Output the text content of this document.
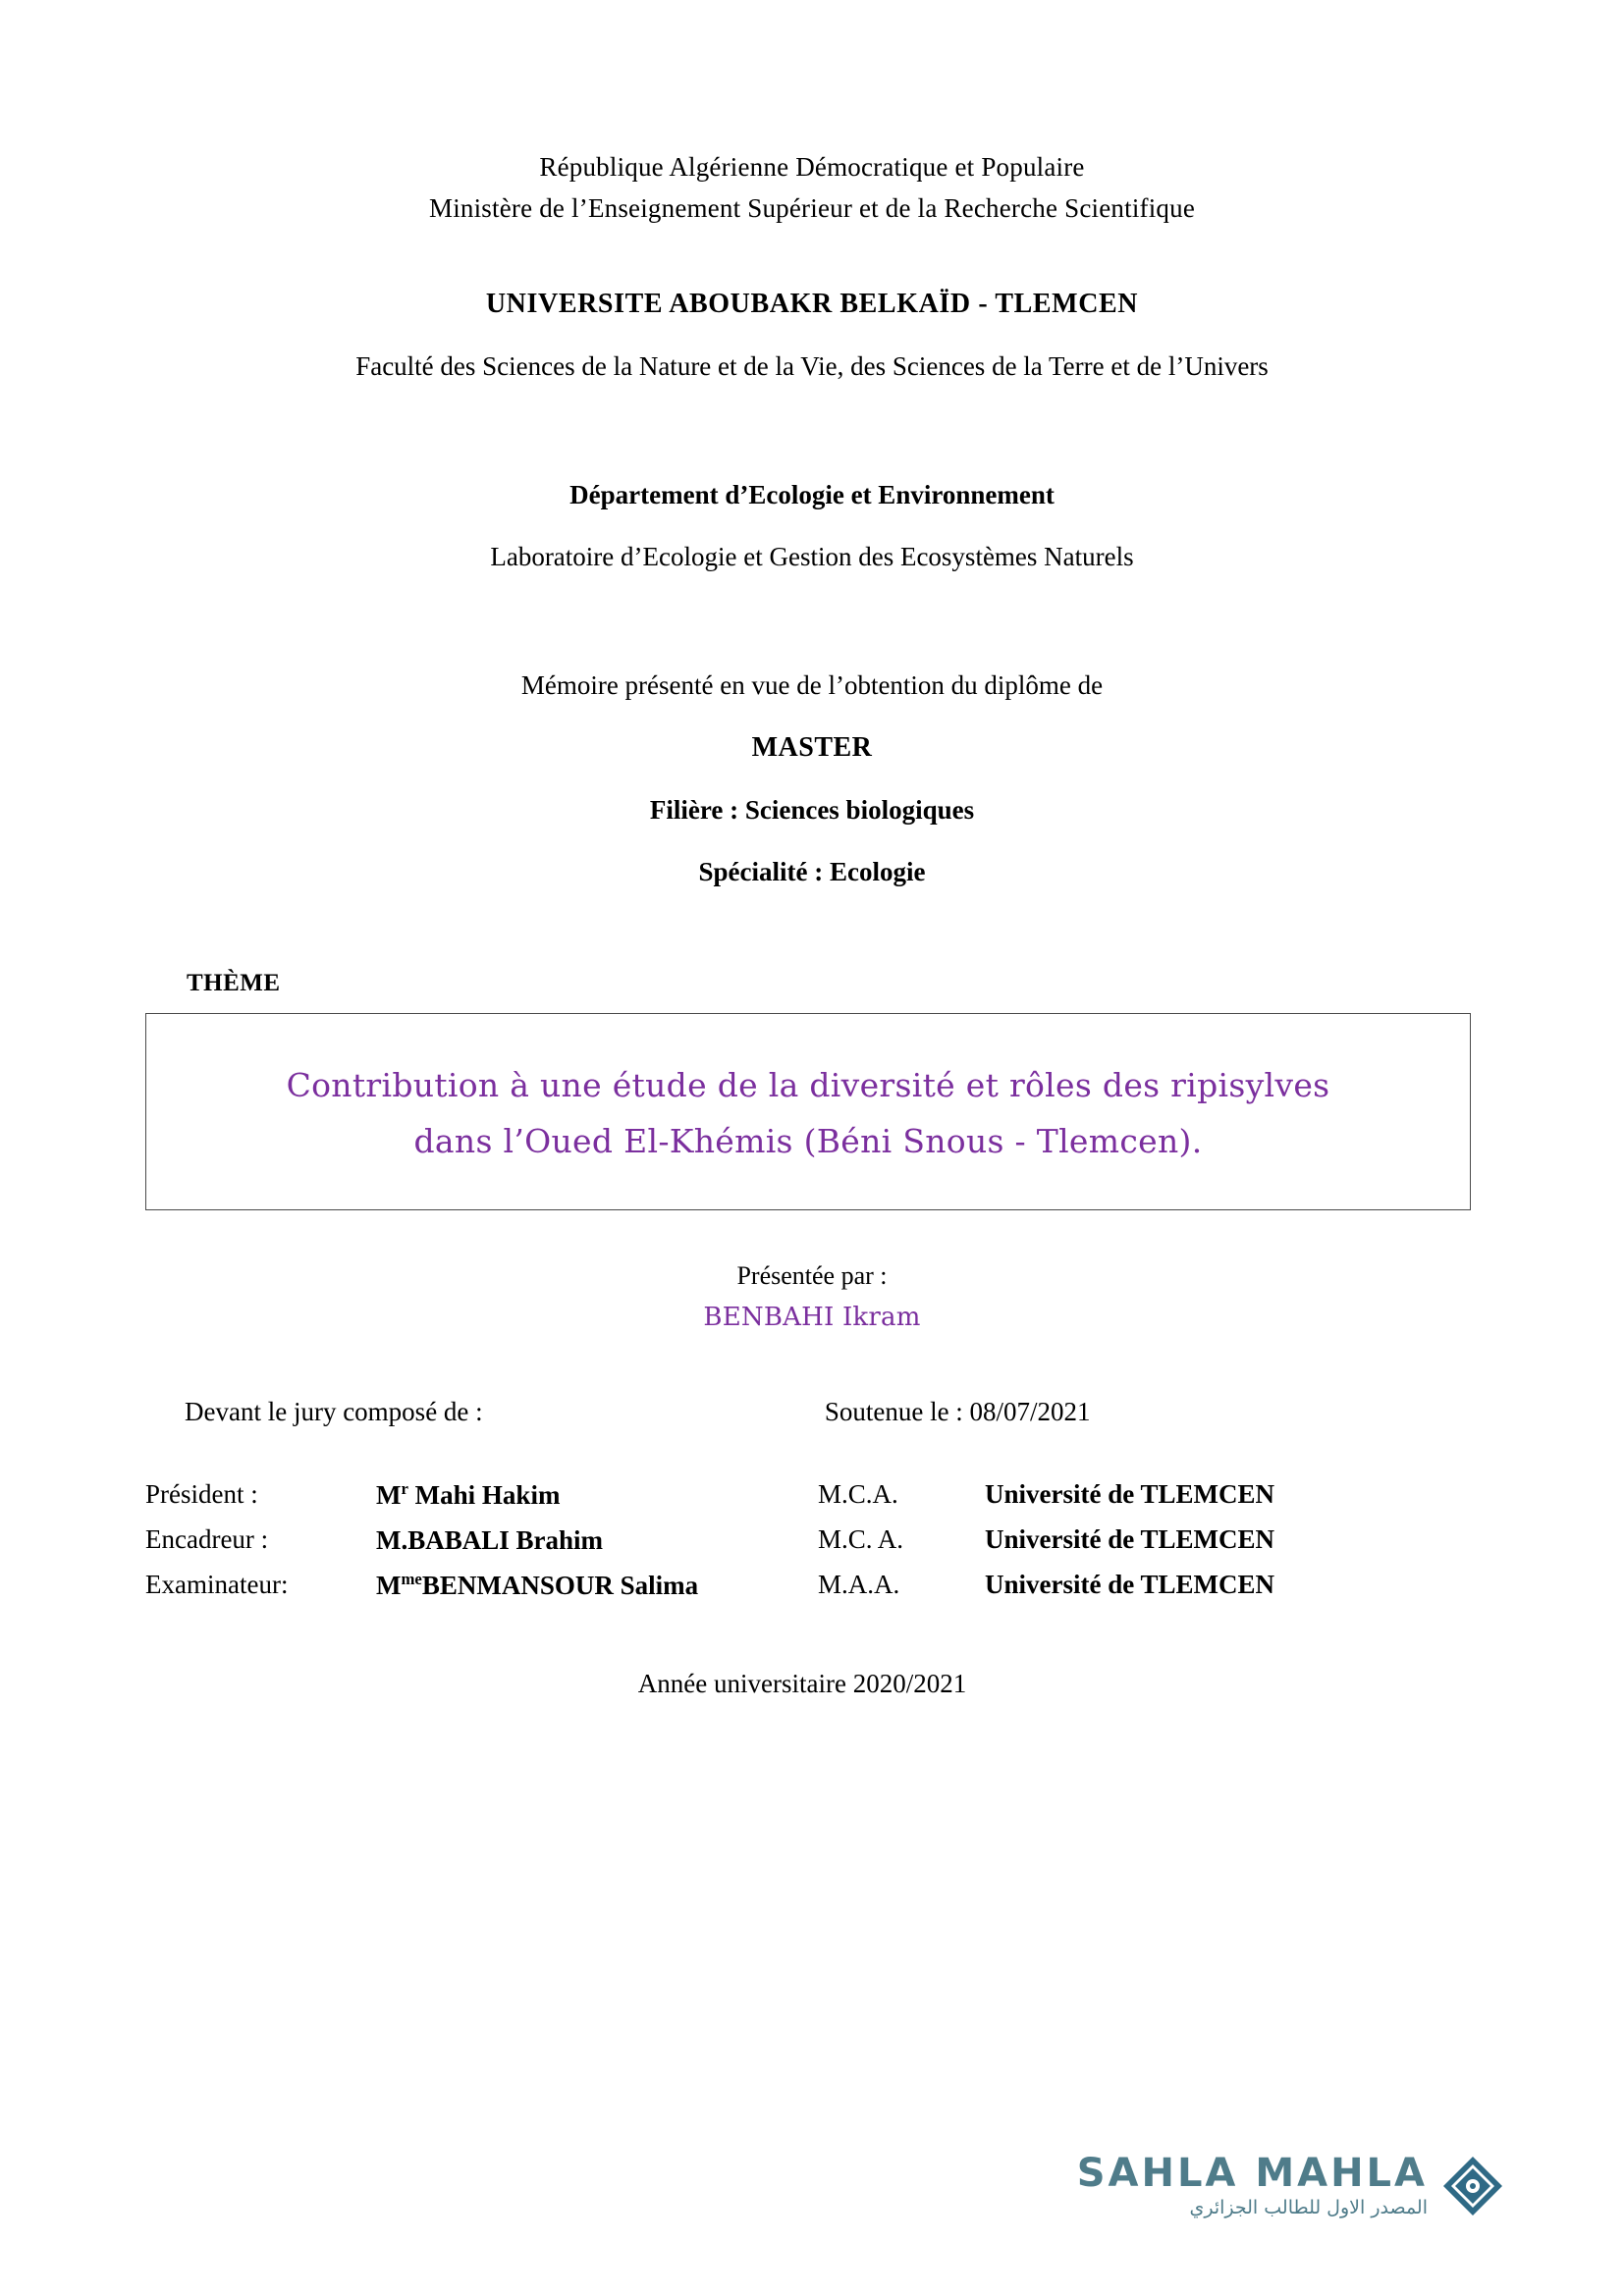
République Algérienne Démocratique et Populaire
Ministère de l’Enseignement Supérieur et de la Recherche Scientifique
UNIVERSITE ABOUBAKR BELKAÏD - TLEMCEN
Faculté des Sciences de la Nature et de la Vie, des Sciences de la Terre et de l’Univers
Département d’Ecologie et Environnement
Laboratoire d’Ecologie et Gestion des Ecosystèmes Naturels
Mémoire présenté en vue de l’obtention du diplôme de
MASTER
Filière : Sciences biologiques
Spécialité : Ecologie
THÈME
Contribution à une étude de la diversité et rôles des ripisylves
dans l’Oued El-Khémis (Béni Snous - Tlemcen).
Présentée par :
BENBAHI Ikram
Devant le jury composé de :	Soutenue le : 08/07/2021
Président :	$M^r$ Mahi Hakim	M.C.A.	Université de TLEMCEN
Encadreur :	M.BABALI Brahim	M.C. A.	Université de TLEMCEN
Examinateur:	$M^{me}BENMANSOUR$ Salima	M.A.A.	Université de TLEMCEN
Année universitaire 2020/2021
SAHLA MAHLA
المصدر الاول للطالب الجزائري
